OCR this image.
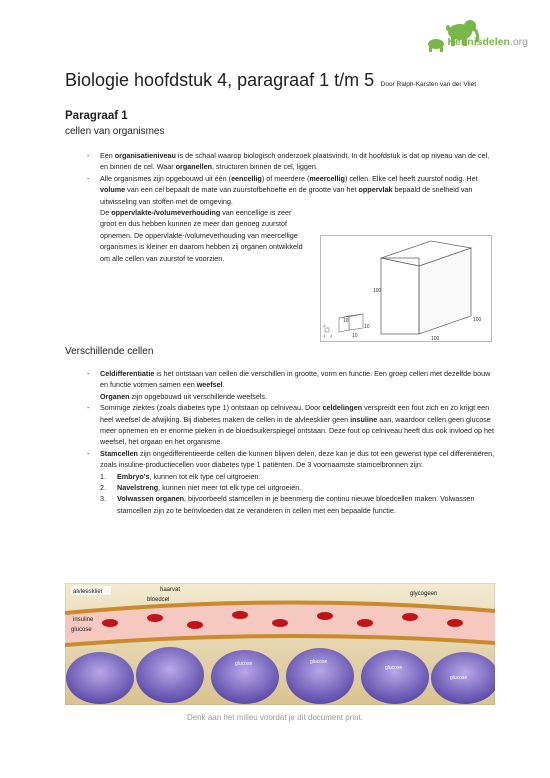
Kennisdelen.org
Biologie hoofdstuk 4, paragraaf 1 t/m 5 Door Ralph-Karsten van der Vliet
Paragraaf 1
cellen van organismes
- Een organisatieniveau is de schaal waarop biologisch onderzoek plaatsvindt. In dit hoofdstuk is dat op niveau van de cel, en binnen de cel. Waar organellen, structuren binnen de cel, liggen.
- Alle organismes zijn opgebouwd uit één (eencellig) of meerdere (meercellig) cellen. Elke cel heeft zuurstof nodig. Het volume van een cel bepaalt de mate van zuurstofbehoefte en de grootte van het oppervlak bepaald de snelheid van uitwisseling van stoffen met de omgeving.

De oppervlakte-/volumeverhouding van eencellige is zeer groot en dus hebben kunnen ze meer dan genoeg zuurstof opnemen. De oppervlakte-/volumeverhouding van meercellige organismes is kleiner en daarom hebben zij organen ontwikkeld om alle cellen van zuurstof te voorzien.

100
100
100
10
10
10
1
1 1
Verschillende cellen
- Celdifferentiatie is het ontstaan van cellen die verschillen in grootte, vorm en functie. Een groep cellen met dezelfde bouw en functie vormen samen een weefsel.

Organen zijn opgebouwd uit verschillende weefsels.

- Sommige ziektes (zoals diabetes type 1) ontstaan op celniveau. Door celdelingen verspreidt een fout zich en zo krijgt een heel weefsel de afwijking. Bij diabetes maken de cellen in de alvleesklier geen insuline aan, waardoor cellen geen glucose meer opnemen en er enorme pieken in de bloedsuikerspiegel ontstaan. Deze fout op celniveau heeft dus ook invloed op het weefsel, het orgaan en het organisme.
- Stamcellen zijn ongedifferentieerde cellen die kunnen blijven delen, deze kan je dus tot een gewenst type cel differentiëren, zoals insuline-productiecellen voor diabetes type 1 patiënten. De 3 voornaamste stamcelbronnen zijn:
1. Embryo's, kunnen tot elk type cel uitgroeien.
2. Navelstreng, kunnen niet meer tot elk type cel uitgroeien.
3. Volwassen organen, bijvoorbeeld stamcellen in je beenmerg die continu nieuwe bloedcellen maken. Volwassen stamcellen zijn zo te beïnvloeden dat ze veranderen in cellen met een bepaalde functie.
alvleesklier	haarvat
bloedcel
insuline
glucose
glycogeen
glucose	glucose
glucose
glucose
Denk aan het milieu voordat je dit document print.
